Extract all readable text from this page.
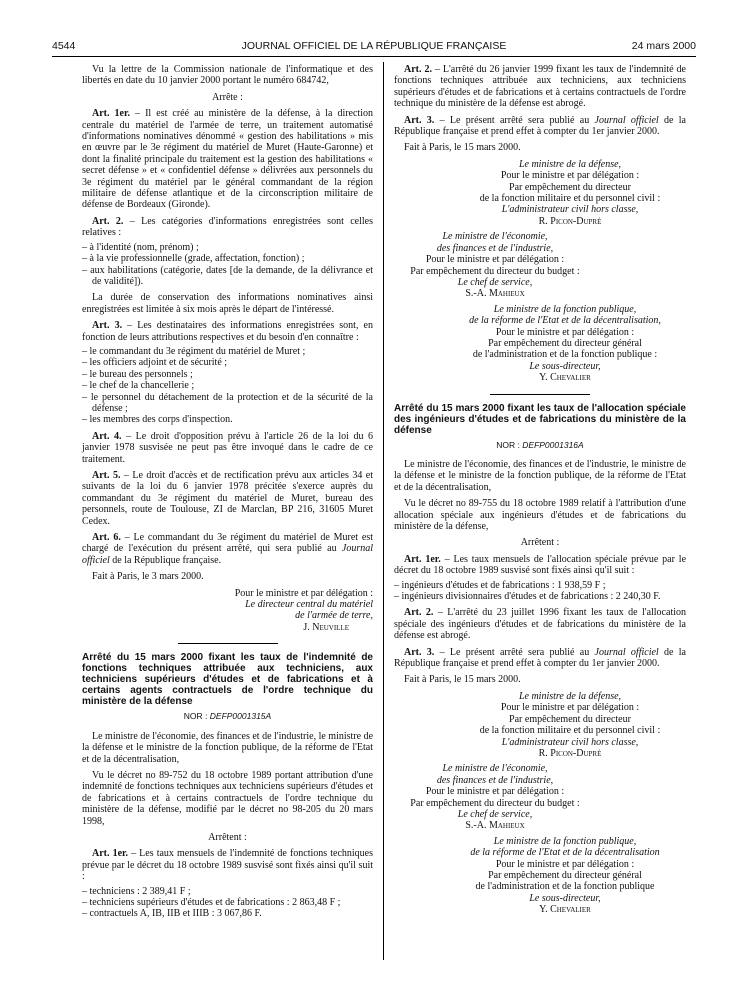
4544	JOURNAL OFFICIEL DE LA RÉPUBLIQUE FRANÇAISE	24 mars 2000

Vu la lettre de la Commission nationale de l'informatique et des libertés en date du 10 janvier 2000 portant le numéro 684742,

Arrête :

Art. 1er. – Il est créé au ministère de la défense, à la direction centrale du matériel de l'armée de terre, un traitement automatisé d'informations nominatives dénommé « gestion des habilitations » mis en œuvre par le 3e régiment du matériel de Muret (Haute-Garonne) et dont la finalité principale du traitement est la gestion des habilitations « secret défense » et « confidentiel défense » délivrées aux personnels du 3e régiment du matériel par le général commandant de la région militaire de défense atlantique et de la circonscription militaire de défense de Bordeaux (Gironde).

Art. 2. – Les catégories d'informations enregistrées sont celles relatives :

– à l'identité (nom, prénom) ;
– à la vie professionnelle (grade, affectation, fonction) ;
– aux habilitations (catégorie, dates [de la demande, de la délivrance et de validité]).

La durée de conservation des informations nominatives ainsi enregistrées est limitée à six mois après le départ de l'intéressé.

Art. 3. – Les destinataires des informations enregistrées sont, en fonction de leurs attributions respectives et du besoin d'en connaître :

– le commandant du 3e régiment du matériel de Muret ;
– les officiers adjoint et de sécurité ;
– le bureau des personnels ;
– le chef de la chancellerie ;
– le personnel du détachement de la protection et de la sécurité de la défense ;
– les membres des corps d'inspection.

Art. 4. – Le droit d'opposition prévu à l'article 26 de la loi du 6 janvier 1978 susvisée ne peut pas être invoqué dans le cadre de ce traitement.

Art. 5. – Le droit d'accès et de rectification prévu aux articles 34 et suivants de la loi du 6 janvier 1978 précitée s'exerce auprès du commandant du 3e régiment du matériel de Muret, bureau des personnels, route de Toulouse, ZI de Marclan, BP 216, 31605 Muret Cedex.

Art. 6. – Le commandant du 3e régiment du matériel de Muret est chargé de l'exécution du présent arrêté, qui sera publié au Journal officiel de la République française.

Fait à Paris, le 3 mars 2000.

Pour le ministre et par délégation :

Le directeur central du matériel

de l'armée de terre,

J. Neuville

Arrêté du 15 mars 2000 fixant les taux de l'indemnité de fonctions techniques attribuée aux techniciens, aux techniciens supérieurs d'études et de fabrications et à certains agents contractuels de l'ordre technique du ministère de la défense

NOR : DEFP0001315A

Le ministre de l'économie, des finances et de l'industrie, le ministre de la défense et le ministre de la fonction publique, de la réforme de l'Etat et de la décentralisation,

Vu le décret no 89-752 du 18 octobre 1989 portant attribution d'une indemnité de fonctions techniques aux techniciens supérieurs d'études et de fabrications et à certains contractuels de l'ordre technique du ministère de la défense, modifié par le décret no 98-205 du 20 mars 1998,

Arrêtent :

Art. 1er. – Les taux mensuels de l'indemnité de fonctions techniques prévue par le décret du 18 octobre 1989 susvisé sont fixés ainsi qu'il suit :

– techniciens : 2 389,41 F ;
– techniciens supérieurs d'études et de fabrications : 2 863,48 F ;
– contractuels A, IB, IIB et IIIB : 3 067,86 F.

Art. 2. – L'arrêté du 26 janvier 1999 fixant les taux de l'indemnité de fonctions techniques attribuée aux techniciens, aux techniciens supérieurs d'études et de fabrications et à certains contractuels de l'ordre technique du ministère de la défense est abrogé.

Art. 3. – Le présent arrêté sera publié au Journal officiel de la République française et prend effet à compter du 1er janvier 2000.

Fait à Paris, le 15 mars 2000.

Le ministre de la défense,

Pour le ministre et par délégation :

Par empêchement du directeur

de la fonction militaire et du personnel civil :

L'administrateur civil hors classe,

R. Picon-Dupré

Le ministre de l'économie,

des finances et de l'industrie,

Pour le ministre et par délégation :

Par empêchement du directeur du budget :

Le chef de service,

S.-A. Mahieux

Le ministre de la fonction publique,

de la réforme de l'Etat et de la décentralisation,

Pour le ministre et par délégation :

Par empêchement du directeur général

de l'administration et de la fonction publique :

Le sous-directeur,

Y. Chevalier

Arrêté du 15 mars 2000 fixant les taux de l'allocation spéciale des ingénieurs d'études et de fabrications du ministère de la défense

NOR : DEFP0001316A

Le ministre de l'économie, des finances et de l'industrie, le ministre de la défense et le ministre de la fonction publique, de la réforme de l'Etat et de la décentralisation,

Vu le décret no 89-755 du 18 octobre 1989 relatif à l'attribution d'une allocation spéciale aux ingénieurs d'études et de fabrications du ministère de la défense,

Arrêtent :

Art. 1er. – Les taux mensuels de l'allocation spéciale prévue par le décret du 18 octobre 1989 susvisé sont fixés ainsi qu'il suit :

– ingénieurs d'études et de fabrications : 1 938,59 F ;
– ingénieurs divisionnaires d'études et de fabrications : 2 240,30 F.

Art. 2. – L'arrêté du 23 juillet 1996 fixant les taux de l'allocation spéciale des ingénieurs d'études et de fabrications du ministère de la défense est abrogé.

Art. 3. – Le présent arrêté sera publié au Journal officiel de la République française et prend effet à compter du 1er janvier 2000.

Fait à Paris, le 15 mars 2000.

Le ministre de la défense,

Pour le ministre et par délégation :

Par empêchement du directeur

de la fonction militaire et du personnel civil :

L'administrateur civil hors classe,

R. Picon-Dupré

Le ministre de l'économie,

des finances et de l'industrie,

Pour le ministre et par délégation :

Par empêchement du directeur du budget :

Le chef de service,

S.-A. Mahieux

Le ministre de la fonction publique,

de la réforme de l'Etat et de la décentralisation

Pour le ministre et par délégation :

Par empêchement du directeur général

de l'administration et de la fonction publique

Le sous-directeur,

Y. Chevalier
